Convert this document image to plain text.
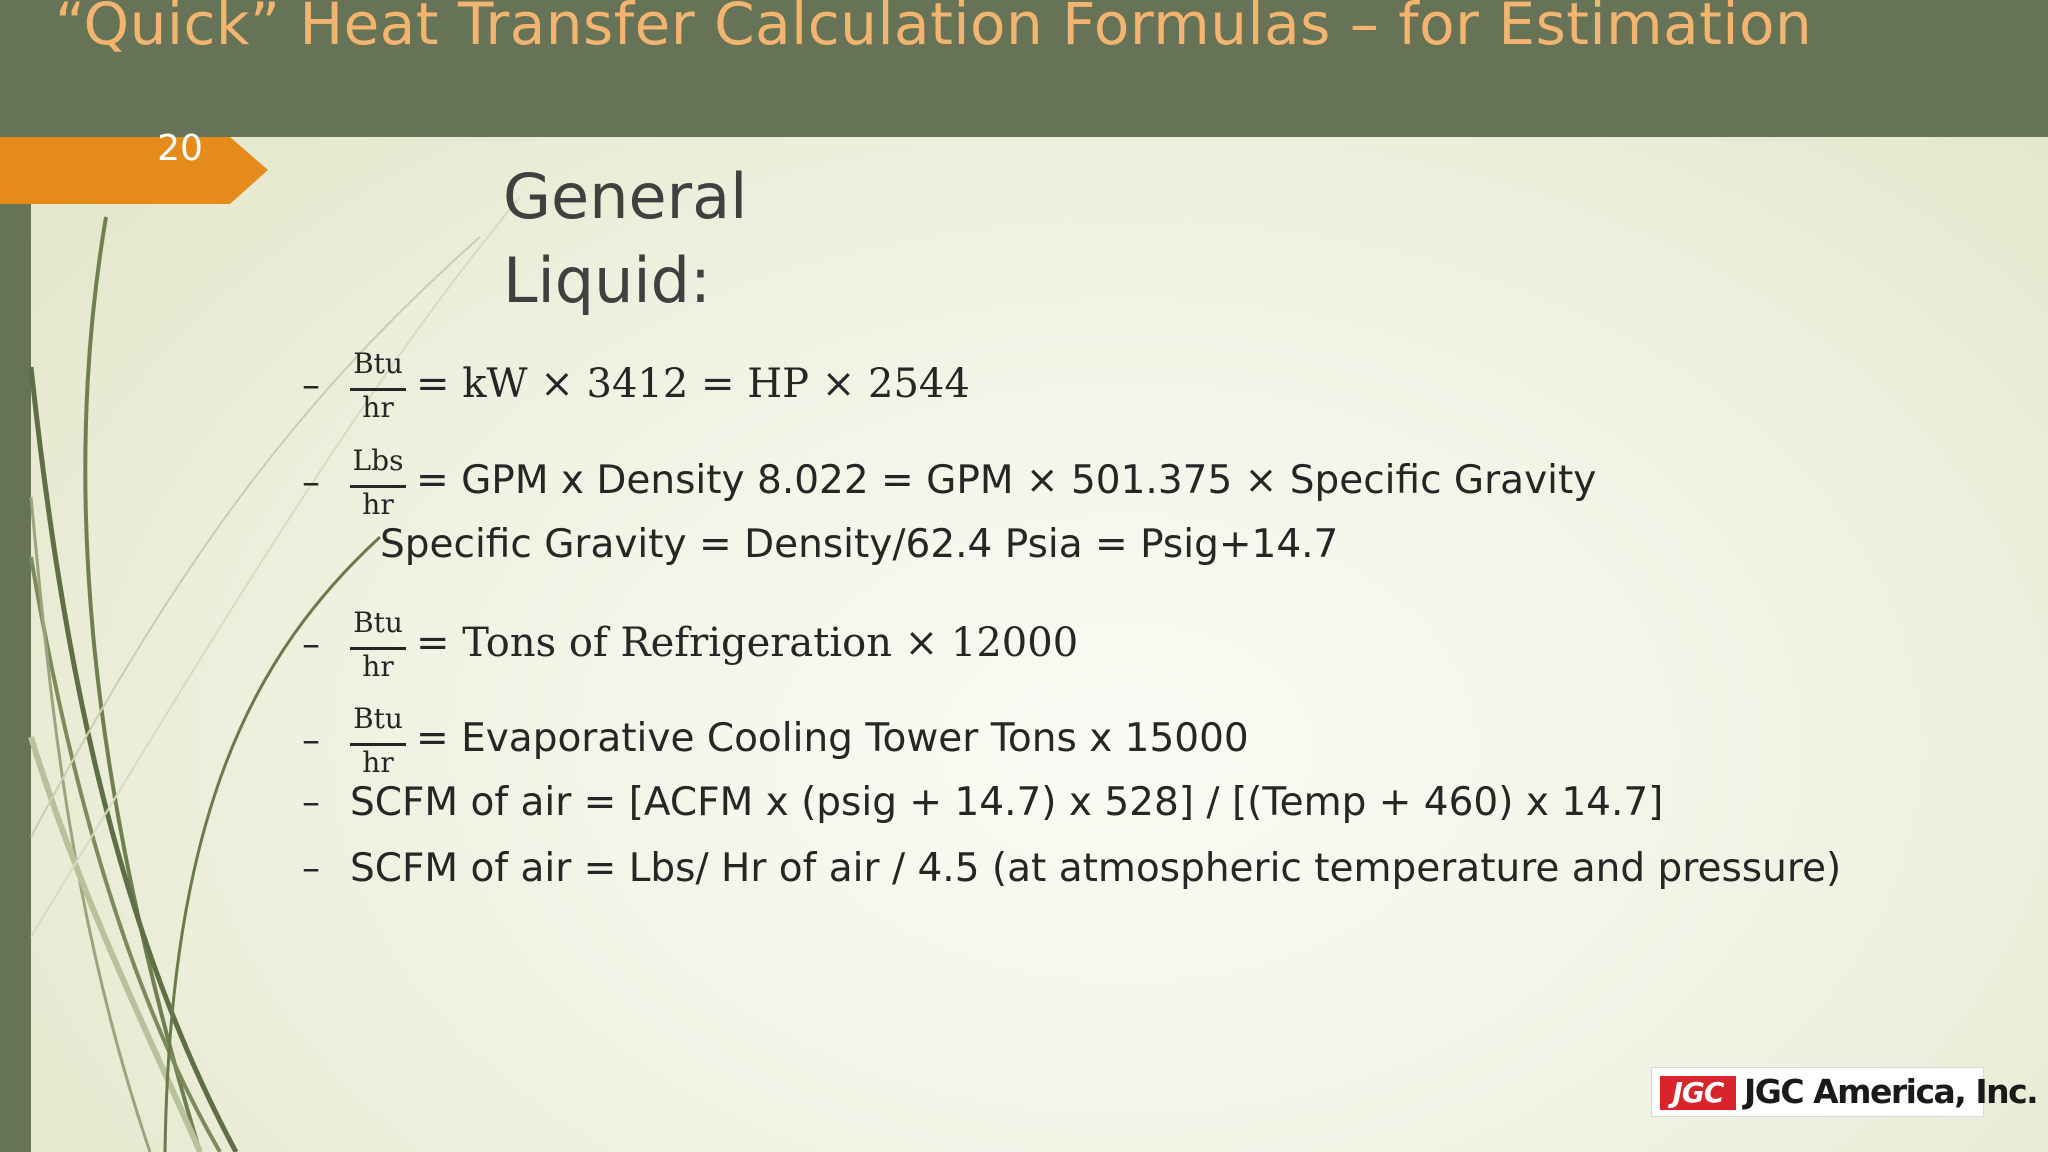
“Quick” Heat Transfer Calculation Formulas – for Estimation
20
General
Liquid:
–
Btu
hr
= kW × 3412 = HP × 2544
–
Lbs
hr
= GPM x Density 8.022 = GPM × 501.375 × Specific Gravity
Specific Gravity = Density/62.4 Psia = Psig+14.7
–
Btu
hr
= Tons of Refrigeration × 12000
–
Btu
hr
= Evaporative Cooling Tower Tons x 15000
– SCFM of air = [ACFM x (psig + 14.7) x 528] / [(Temp + 460) x 14.7]
– SCFM of air = Lbs/ Hr of air / 4.5 (at atmospheric temperature and pressure)
JGC JGC America, Inc.
